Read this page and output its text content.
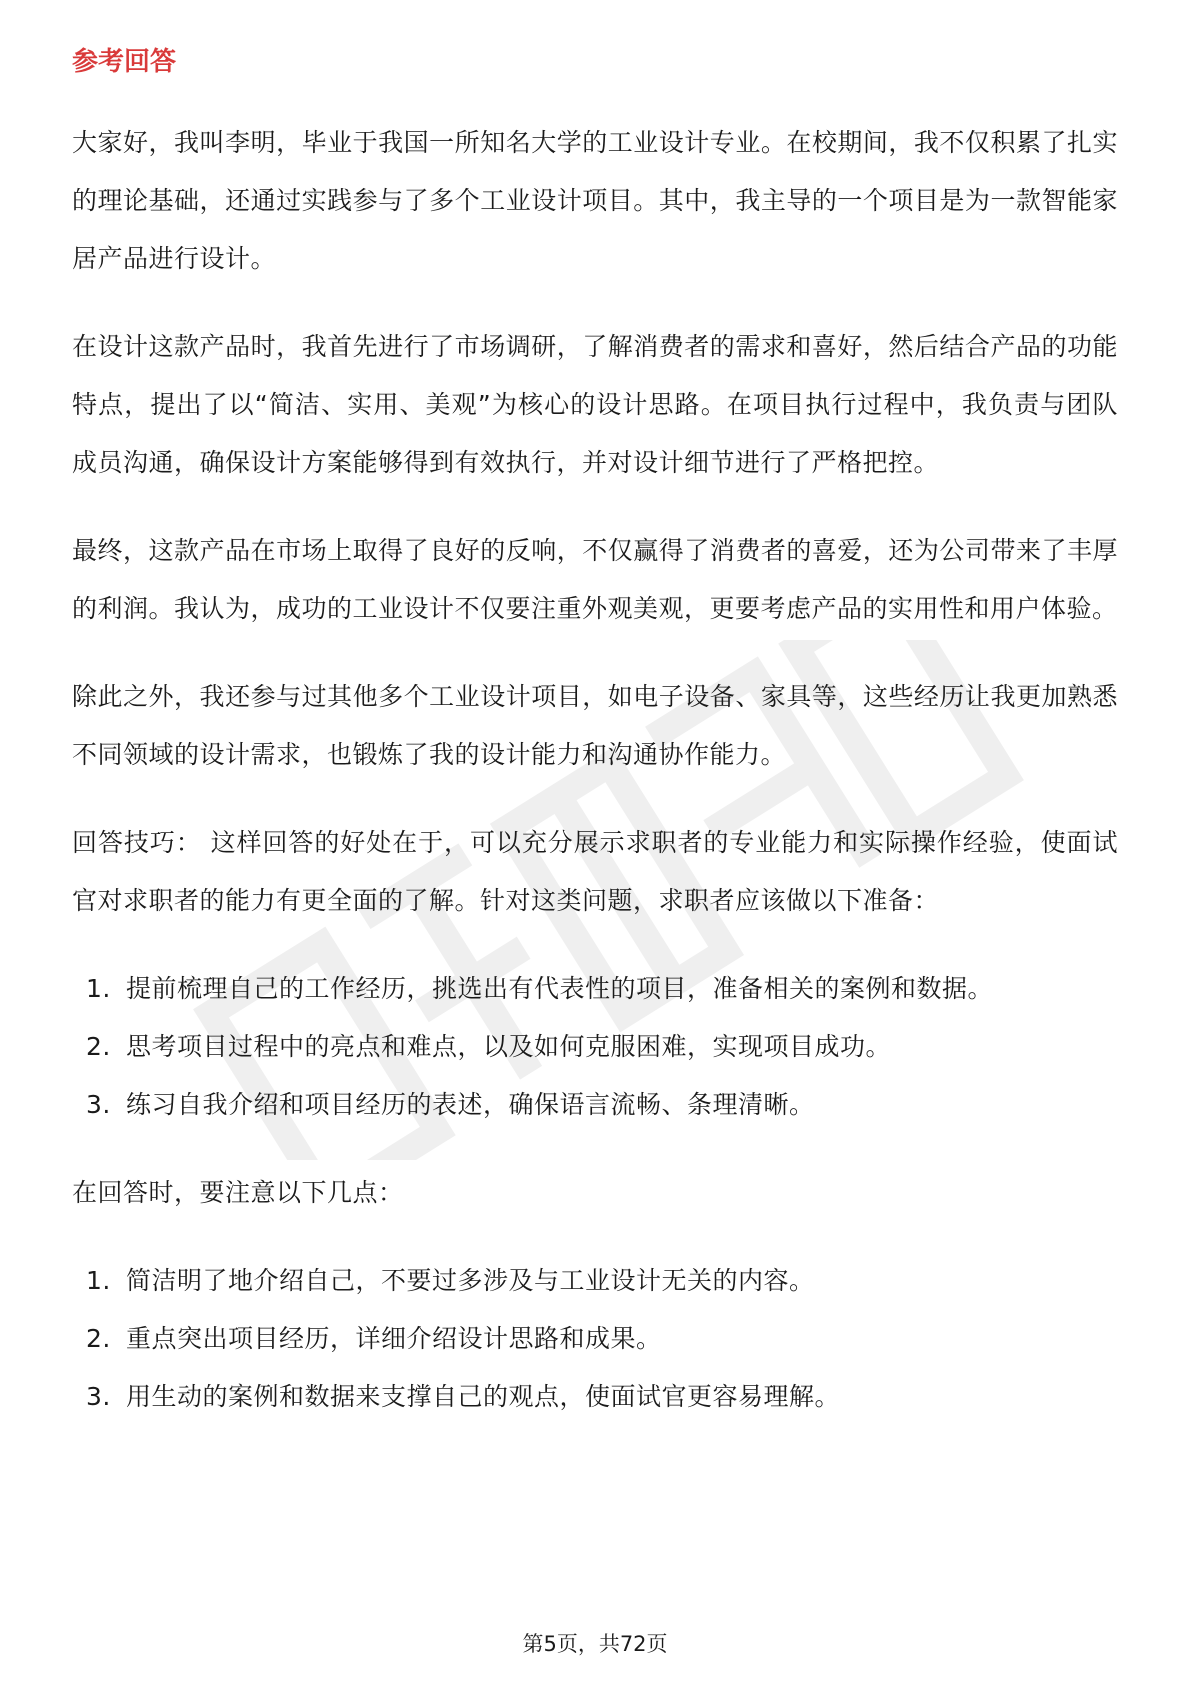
参考回答

大家好，我叫李明，毕业于我国一所知名大学的工业设计专业。在校期间，我不仅积累了扎实的理论基础，还通过实践参与了多个工业设计项目。其中，我主导的一个项目是为一款智能家居产品进行设计。

在设计这款产品时，我首先进行了市场调研，了解消费者的需求和喜好，然后结合产品的功能特点，提出了以“简洁、实用、美观”为核心的设计思路。在项目执行过程中，我负责与团队成员沟通，确保设计方案能够得到有效执行，并对设计细节进行了严格把控。

最终，这款产品在市场上取得了良好的反响，不仅赢得了消费者的喜爱，还为公司带来了丰厚的利润。我认为，成功的工业设计不仅要注重外观美观，更要考虑产品的实用性和用户体验。

除此之外，我还参与过其他多个工业设计项目，如电子设备、家具等，这些经历让我更加熟悉不同领域的设计需求，也锻炼了我的设计能力和沟通协作能力。

回答技巧： 这样回答的好处在于，可以充分展示求职者的专业能力和实际操作经验，使面试官对求职者的能力有更全面的了解。针对这类问题，求职者应该做以下准备：

1. 提前梳理自己的工作经历，挑选出有代表性的项目，准备相关的案例和数据。
2. 思考项目过程中的亮点和难点，以及如何克服困难，实现项目成功。
3. 练习自我介绍和项目经历的表述，确保语言流畅、条理清晰。

在回答时，要注意以下几点：

1. 简洁明了地介绍自己，不要过多涉及与工业设计无关的内容。
2. 重点突出项目经历，详细介绍设计思路和成果。
3. 用生动的案例和数据来支撑自己的观点，使面试官更容易理解。
第5页，共72页
